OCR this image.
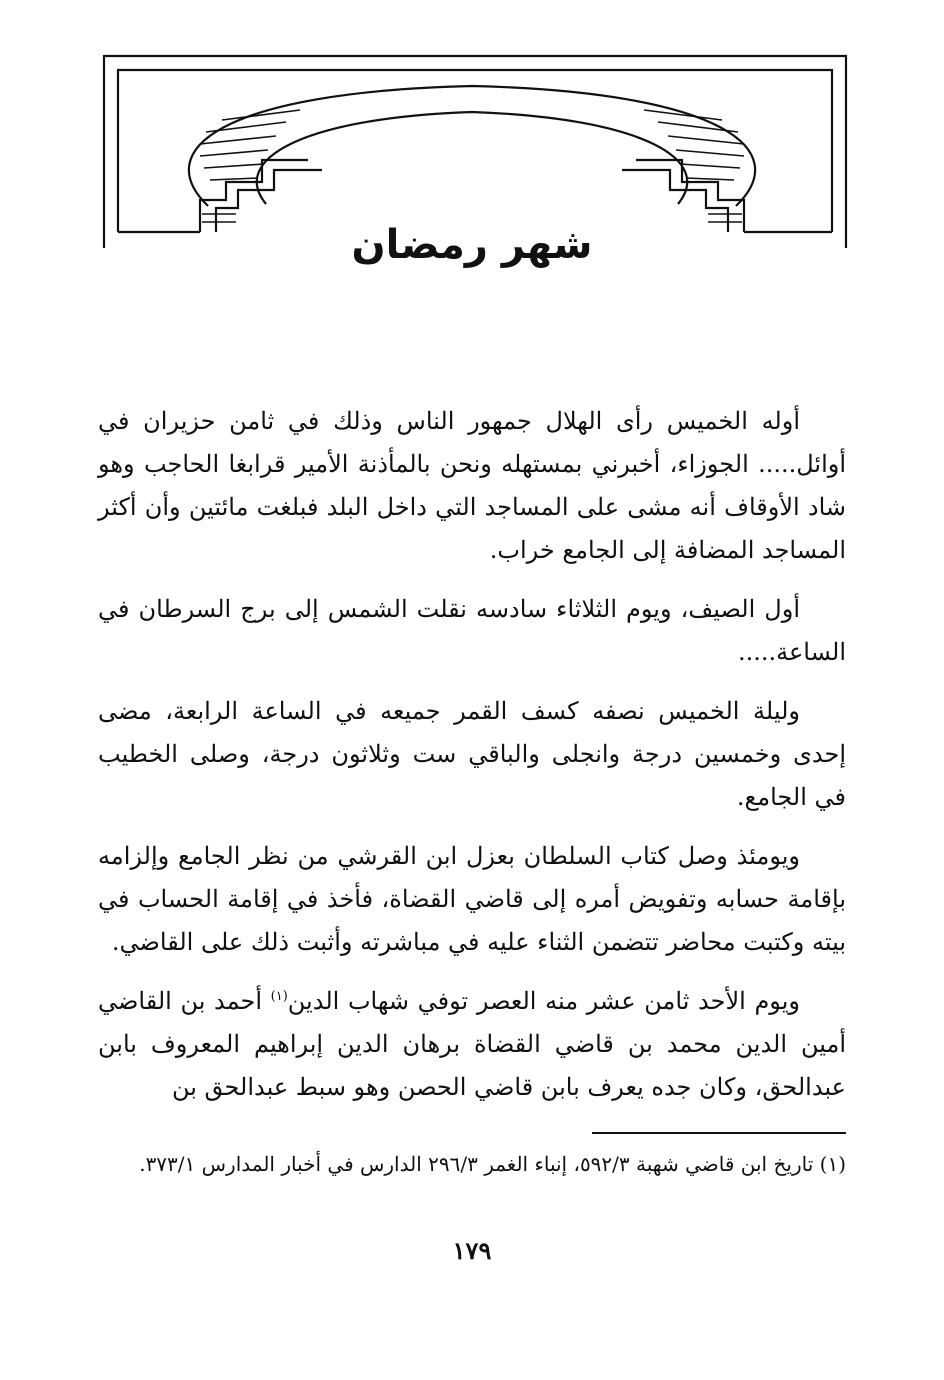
شهر رمضان

أوله الخميس رأى الهلال جمهور الناس وذلك في ثامن حزيران في أوائل..... الجوزاء، أخبرني بمستهله ونحن بالمأذنة الأمير قرابغا الحاجب وهو شاد الأوقاف أنه مشى على المساجد التي داخل البلد فبلغت مائتين وأن أكثر المساجد المضافة إلى الجامع خراب.

أول الصيف، ويوم الثلاثاء سادسه نقلت الشمس إلى برج السرطان في الساعة.....

وليلة الخميس نصفه كسف القمر جميعه في الساعة الرابعة، مضى إحدى وخمسين درجة وانجلى والباقي ست وثلاثون درجة، وصلى الخطيب في الجامع.

ويومئذ وصل كتاب السلطان بعزل ابن القرشي من نظر الجامع وإلزامه بإقامة حسابه وتفويض أمره إلى قاضي القضاة، فأخذ في إقامة الحساب في بيته وكتبت محاضر تتضمن الثناء عليه في مباشرته وأثبت ذلك على القاضي.

ويوم الأحد ثامن عشر منه العصر توفي شهاب الدين$^{(١)}$ أحمد بن القاضي أمين الدين محمد بن قاضي القضاة برهان الدين إبراهيم المعروف بابن عبدالحق، وكان جده يعرف بابن قاضي الحصن وهو سبط عبدالحق بن

(١) تاريخ ابن قاضي شهبة ٥٩٢/٣، إنباء الغمر ٢٩٦/٣ الدارس في أخبار المدارس ٣٧٣/١.
١٧٩
